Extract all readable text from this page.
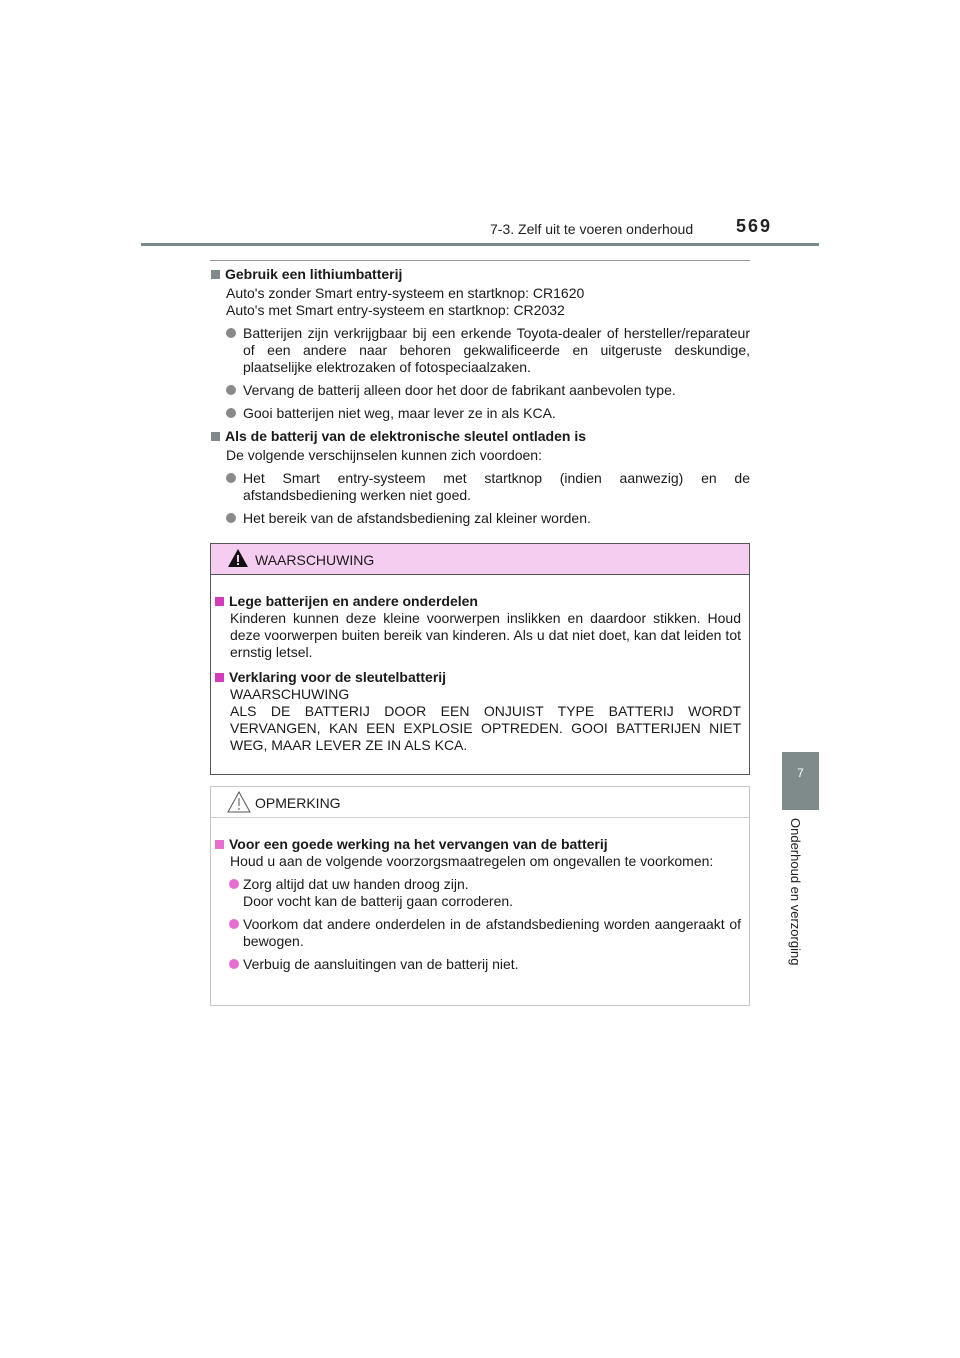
7-3. Zelf uit te voeren onderhoud 569
7
Onderhoud en verzorging
Gebruik een lithiumbatterij
Auto's zonder Smart entry-systeem en startknop: CR1620
Auto's met Smart entry-systeem en startknop: CR2032
Batterijen zijn verkrijgbaar bij een erkende Toyota-dealer of hersteller/reparateur of een andere naar behoren gekwalificeerde en uitgeruste deskundige, plaatselijke elektrozaken of fotospeciaalzaken.
Vervang de batterij alleen door het door de fabrikant aanbevolen type.
Gooi batterijen niet weg, maar lever ze in als KCA.
Als de batterij van de elektronische sleutel ontladen is
De volgende verschijnselen kunnen zich voordoen:
Het Smart entry-systeem met startknop (indien aanwezig) en de afstandsbediening werken niet goed.
Het bereik van de afstandsbediening zal kleiner worden.
WAARSCHUWING
Lege batterijen en andere onderdelen
Kinderen kunnen deze kleine voorwerpen inslikken en daardoor stikken. Houd deze voorwerpen buiten bereik van kinderen. Als u dat niet doet, kan dat leiden tot ernstig letsel.
Verklaring voor de sleutelbatterij
WAARSCHUWING
ALS DE BATTERIJ DOOR EEN ONJUIST TYPE BATTERIJ WORDT VERVANGEN, KAN EEN EXPLOSIE OPTREDEN. GOOI BATTERIJEN NIET WEG, MAAR LEVER ZE IN ALS KCA.
OPMERKING
Voor een goede werking na het vervangen van de batterij
Houd u aan de volgende voorzorgsmaatregelen om ongevallen te voorkomen:
Zorg altijd dat uw handen droog zijn.
Door vocht kan de batterij gaan corroderen.
Voorkom dat andere onderdelen in de afstandsbediening worden aangeraakt of bewogen.
Verbuig de aansluitingen van de batterij niet.
